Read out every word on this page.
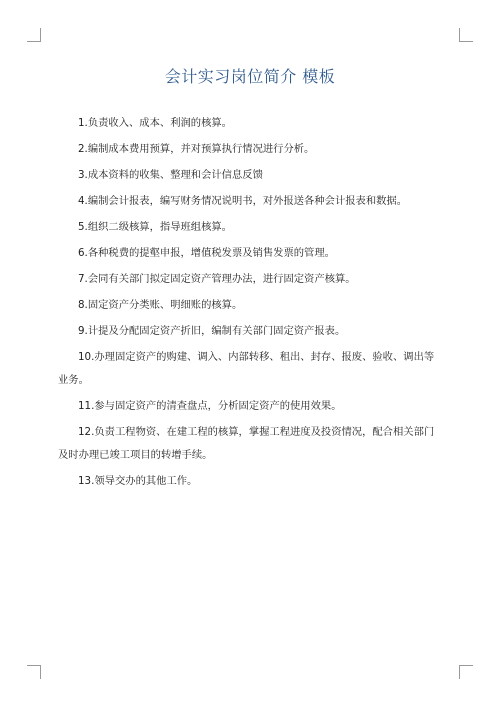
会计实习岗位简介 模板

1.负责收入、成本、利润的核算。

2.编制成本费用预算，并对预算执行情况进行分析。

3.成本资料的收集、整理和会计信息反馈

4.编制会计报表，编写财务情况说明书，对外报送各种会计报表和数据。

5.组织二级核算，指导班组核算。

6.各种税费的提壑申报，增值税发票及销售发票的管理。

7.会同有关部门拟定固定资产管理办法，进行固定资产核算。

8.固定资产分类账、明细账的核算。

9.计提及分配固定资产折旧，编制有关部门固定资产报表。

10.办理固定资产的购建、调入、内部转移、租出、封存、报废、验收、调出等业务。

11.参与固定资产的清查盘点，分析固定资产的使用效果。

12.负责工程物资、在建工程的核算，掌握工程进度及投资情况，配合相关部门及时办理已竣工项目的转增手续。

13.领导交办的其他工作。
